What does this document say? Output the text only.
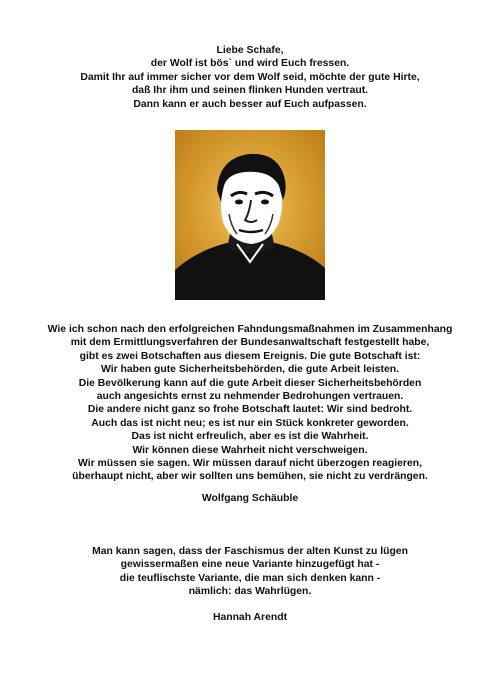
Liebe Schafe,
der Wolf ist bös` und wird Euch fressen.
Damit Ihr auf immer sicher vor dem Wolf seid, möchte der gute Hirte,
daß Ihr ihm und seinen flinken Hunden vertraut.
Dann kann er auch besser auf Euch aufpassen.
Wie ich schon nach den erfolgreichen Fahndungsmaßnahmen im Zusammenhang
mit dem Ermittlungsverfahren der Bundesanwaltschaft festgestellt habe,
gibt es zwei Botschaften aus diesem Ereignis. Die gute Botschaft ist:
Wir haben gute Sicherheitsbehörden, die gute Arbeit leisten.
Die Bevölkerung kann auf die gute Arbeit dieser Sicherheitsbehörden
auch angesichts ernst zu nehmender Bedrohungen vertrauen.
Die andere nicht ganz so frohe Botschaft lautet: Wir sind bedroht.
Auch das ist nicht neu; es ist nur ein Stück konkreter geworden.
Das ist nicht erfreulich, aber es ist die Wahrheit.
Wir können diese Wahrheit nicht verschweigen.
Wir müssen sie sagen. Wir müssen darauf nicht überzogen reagieren,
überhaupt nicht, aber wir sollten uns bemühen, sie nicht zu verdrängen.
Wolfgang Schäuble
Man kann sagen, dass der Faschismus der alten Kunst zu lügen
gewissermaßen eine neue Variante hinzugefügt hat -
die teuflischste Variante, die man sich denken kann -
nämlich: das Wahrlügen.
Hannah Arendt
